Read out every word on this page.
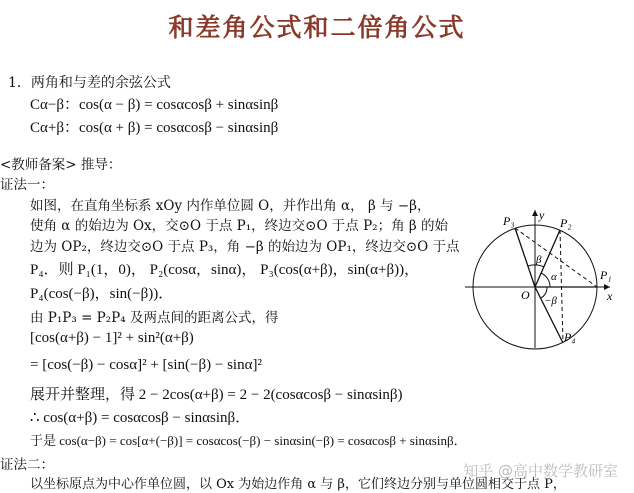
和差角公式和二倍角公式
1．两角和与差的余弦公式
Cα−β：cos(α − β) = cosαcosβ + sinαsinβ
Cα+β：cos(α + β) = cosαcosβ − sinαsinβ
<教师备案> 推导：
证法一：
如图，在直角坐标系 xOy 内作单位圆 O，并作出角 α， β 与 −β，
使角 α 的始边为 Ox，交⊙O 于点 P₁，终边交⊙O 于点 P₂；角 β 的始
边为 OP₂，终边交⊙O 于点 P₃，角 −β 的始边为 OP₁，终边交⊙O 于点
P₄．则 P₁(1，0)， P₂(cosα，sinα)， P₃(cos(α+β)，sin(α+β))，
P₄(cos(−β)，sin(−β))．
由 P₁P₃ = P₂P₄ 及两点间的距离公式，得
[cos(α+β) − 1]² + sin²(α+β)
= [cos(−β) − cosα]² + [sin(−β) − sinα]²
展开并整理，得 2 − 2cos(α+β) = 2 − 2(cosαcosβ − sinαsinβ)
∴ cos(α+β) = cosαcosβ − sinαsinβ．
于是 cos(α−β) = cos[α+(−β)] = cosαcos(−β) − sinαsin(−β) = cosαcosβ + sinαsinβ．
证法二：
以坐标原点为中心作单位圆，以 Ox 为始边作角 α 与 β，它们终边分别与单位圆相交于点 P，
P₁
P₂
P₃
P₄
x
y
O
α
β
−β
知乎 @高中数学教研室
